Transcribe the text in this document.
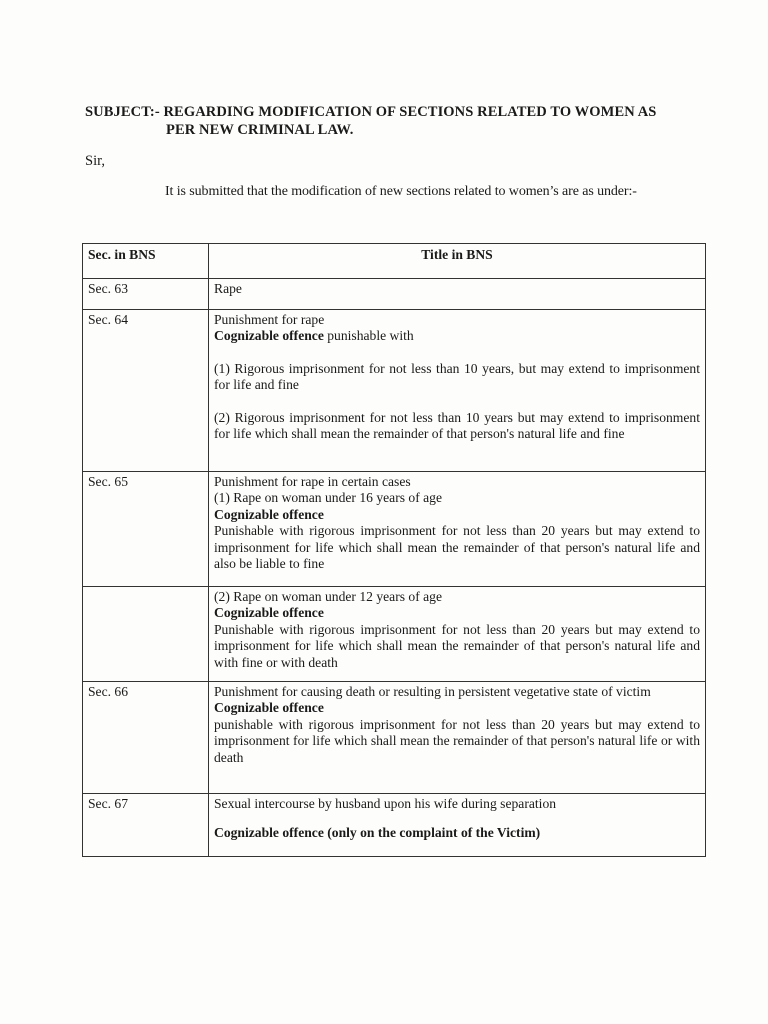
SUBJECT:- REGARDING MODIFICATION OF SECTIONS RELATED TO WOMEN AS
PER NEW CRIMINAL LAW.
Sir,
It is submitted that the modification of new sections related to women’s are as under:-
Sec. in BNS	Title in BNS
Sec. 63	Rape

Sec. 64	Punishment for rape
Cognizable offence punishable with
(1) Rigorous imprisonment for not less than 10 years, but may extend to imprisonment for life and fine
(2) Rigorous imprisonment for not less than 10 years but may extend to imprisonment for life which shall mean the remainder of that person's natural life and fine

Sec. 65	Punishment for rape in certain cases
(1) Rape on woman under 16 years of age
Cognizable offence
Punishable with rigorous imprisonment for not less than 20 years but may extend to imprisonment for life which shall mean the remainder of that person's natural life and also be liable to fine

	(2) Rape on woman under 12 years of age
Cognizable offence
Punishable with rigorous imprisonment for not less than 20 years but may extend to imprisonment for life which shall mean the remainder of that person's natural life and with fine or with death

Sec. 66	Punishment for causing death or resulting in persistent vegetative state of victim
Cognizable offence
punishable with rigorous imprisonment for not less than 20 years but may extend to imprisonment for life which shall mean the remainder of that person's natural life or with death

Sec. 67	Sexual intercourse by husband upon his wife during separation
Cognizable offence (only on the complaint of the Victim)
